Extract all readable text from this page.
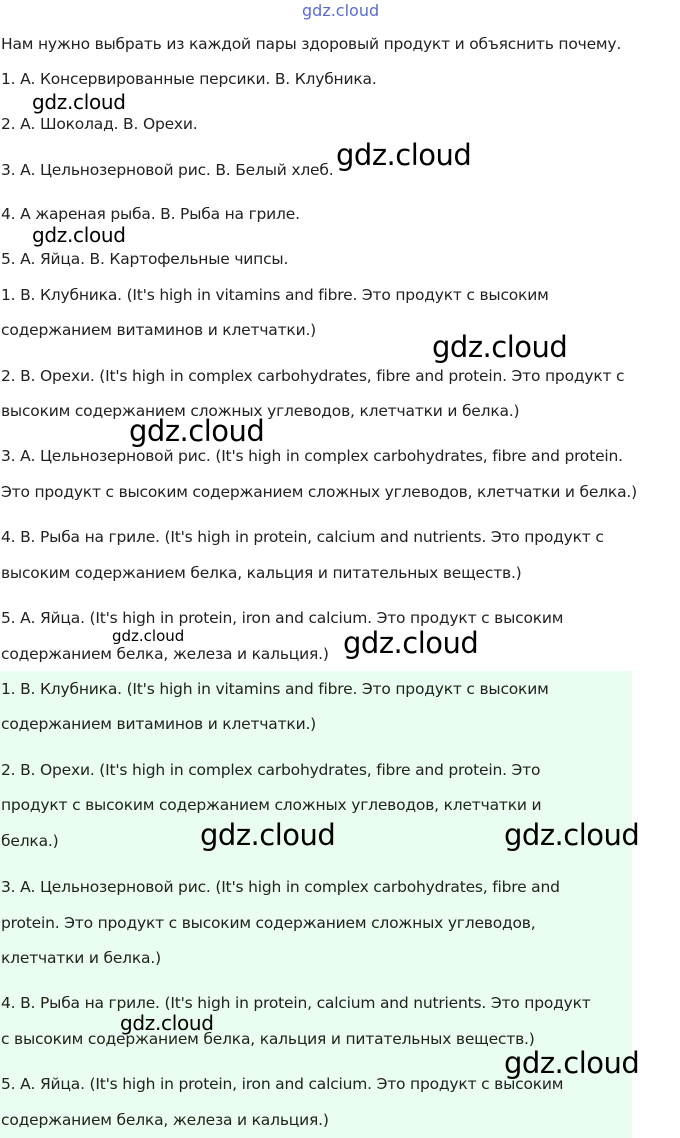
gdz.cloud
Нам нужно выбрать из каждой пары здоровый продукт и объяснить почему.
1. А. Консервированные персики. В. Клубника.
2. А. Шоколад. В. Орехи.
3. А. Цельнозерновой рис. В. Белый хлеб.
4. А жареная рыба. В. Рыба на гриле.
5. А. Яйца. В. Картофельные чипсы.
1. В. Клубника. (It's high in vitamins and fibre. Это продукт с высоким
содержанием витаминов и клетчатки.)
2. В. Орехи. (It's high in complex carbohydrates, fibre and protein. Это продукт с
высоким содержанием сложных углеводов, клетчатки и белка.)
3. А. Цельнозерновой рис. (It's high in complex carbohydrates, fibre and protein.
Это продукт с высоким содержанием сложных углеводов, клетчатки и белка.)
4. В. Рыба на гриле. (It's high in protein, calcium and nutrients. Это продукт с
высоким содержанием белка, кальция и питательных веществ.)
5. А. Яйца. (It's high in protein, iron and calcium. Это продукт с высоким
содержанием белка, железа и кальция.)
1. В. Клубника. (It's high in vitamins and fibre. Это продукт с высоким
содержанием витаминов и клетчатки.)
2. В. Орехи. (It's high in complex carbohydrates, fibre and protein. Это
продукт с высоким содержанием сложных углеводов, клетчатки и
белка.)
3. А. Цельнозерновой рис. (It's high in complex carbohydrates, fibre and
protein. Это продукт с высоким содержанием сложных углеводов,
клетчатки и белка.)
4. В. Рыба на гриле. (It's high in protein, calcium and nutrients. Это продукт
с высоким содержанием белка, кальция и питательных веществ.)
5. А. Яйца. (It's high in protein, iron and calcium. Это продукт с высоким
содержанием белка, железа и кальция.)
gdz.cloud
gdz.cloud
gdz.cloud
gdz.cloud
gdz.cloud
gdz.cloud	gdz.cloud
gdz.cloud	gdz.cloud
gdz.cloud
gdz.cloud
